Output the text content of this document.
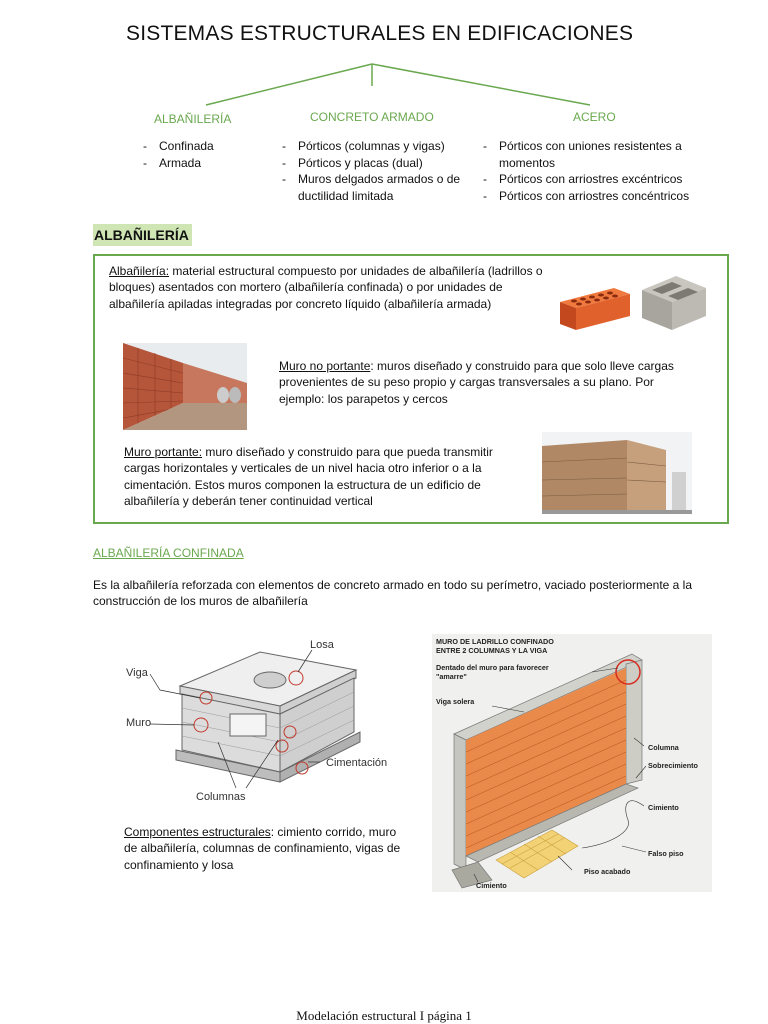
SISTEMAS ESTRUCTURALES EN EDIFICACIONES
ALBAÑILERÍA	CONCRETO ARMADO	ACERO
- Confinada
- Armada
- Pórticos (columnas y vigas)
- Pórticos y placas (dual)
- Muros delgados armados o de ductilidad limitada
- Pórticos con uniones resistentes a momentos
- Pórticos con arriostres excéntricos
- Pórticos con arriostres concéntricos
ALBAÑILERÍA
Albañilería: material estructural compuesto por unidades de albañilería (ladrillos o bloques) asentados con mortero (albañilería confinada) o por unidades de albañilería apiladas integradas por concreto líquido (albañilería armada)
Muro no portante: muros diseñado y construido para que solo lleve cargas provenientes de su peso propio y cargas transversales a su plano. Por ejemplo: los parapetos y cercos
Muro portante: muro diseñado y construido para que pueda transmitir cargas horizontales y verticales de un nivel hacia otro inferior o a la cimentación. Estos muros componen la estructura de un edificio de albañilería y deberán tener continuidad vertical
ALBAÑILERÍA CONFINADA
Es la albañilería reforzada con elementos de concreto armado en todo su perímetro, vaciado posteriormente a la construcción de los muros de albañilería
Losa
Viga
Muro
Cimentación
Columnas
Componentes estructurales: cimiento corrido, muro de albañilería, columnas de confinamiento, vigas de confinamiento y losa
MURO DE LADRILLO CONFINADO
ENTRE 2 COLUMNAS Y LA VIGA
Dentado del muro para favorecer
"amarre"
Viga solera
Columna
Sobrecimiento
Cimiento
Falso piso
Piso acabado
Cimiento
Modelación estructural I página 1
